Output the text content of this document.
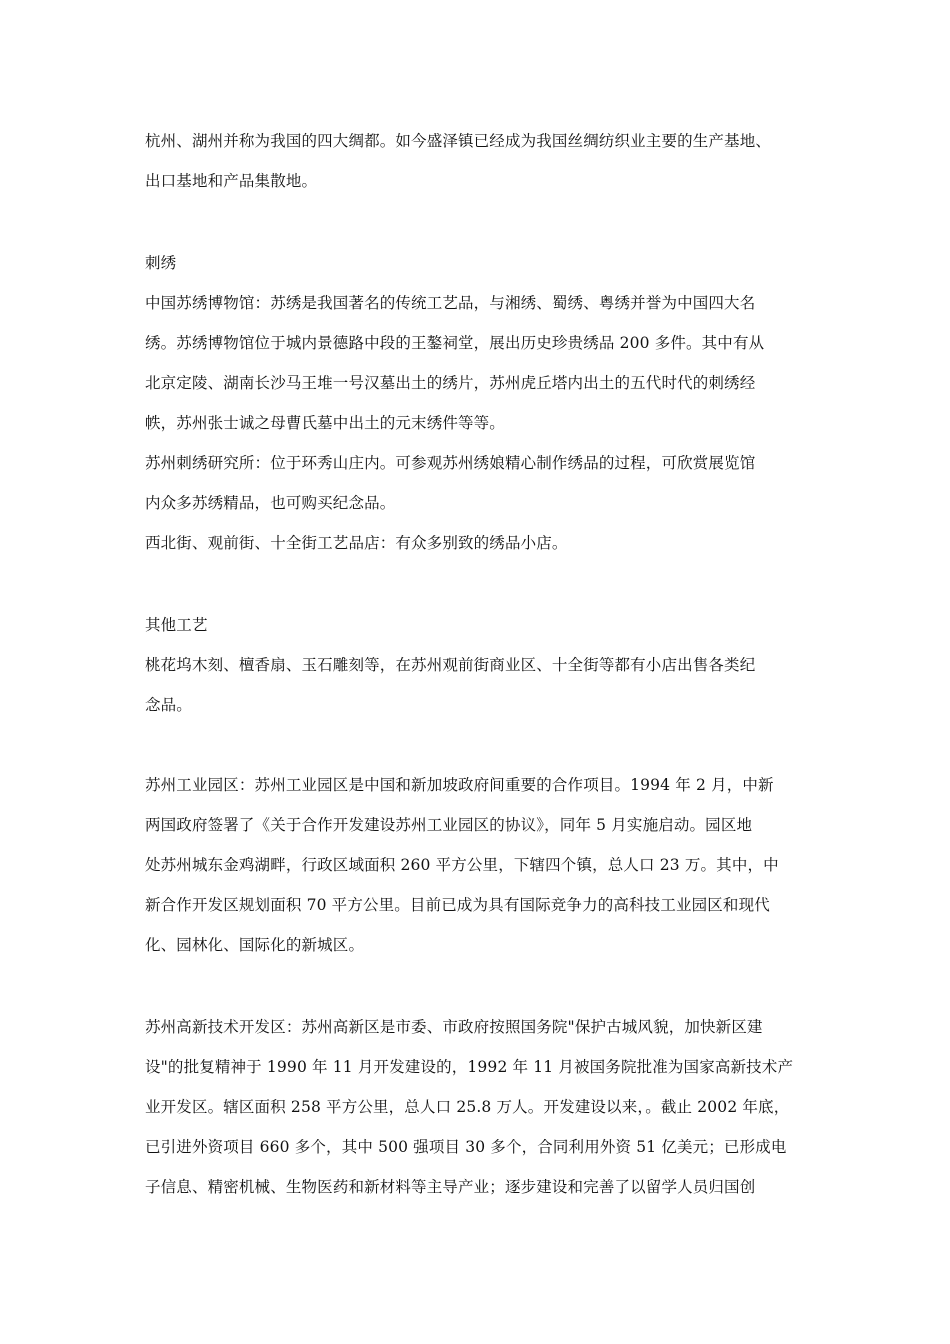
杭州、湖州并称为我国的四大绸都。如今盛泽镇已经成为我国丝绸纺织业主要的生产基地、

出口基地和产品集散地。

刺绣

中国苏绣博物馆：苏绣是我国著名的传统工艺品，与湘绣、蜀绣、粤绣并誉为中国四大名

绣。苏绣博物馆位于城内景德路中段的王鏊祠堂，展出历史珍贵绣品 200 多件。其中有从

北京定陵、湖南长沙马王堆一号汉墓出土的绣片，苏州虎丘塔内出土的五代时代的刺绣经

帙，苏州张士诚之母曹氏墓中出土的元末绣件等等。

苏州刺绣研究所：位于环秀山庄内。可参观苏州绣娘精心制作绣品的过程，可欣赏展览馆

内众多苏绣精品，也可购买纪念品。

西北街、观前街、十全街工艺品店：有众多别致的绣品小店。

其他工艺

桃花坞木刻、檀香扇、玉石雕刻等，在苏州观前街商业区、十全街等都有小店出售各类纪

念品。

苏州工业园区：苏州工业园区是中国和新加坡政府间重要的合作项目。1994 年 2 月，中新

两国政府签署了《关于合作开发建设苏州工业园区的协议》，同年 5 月实施启动。园区地

处苏州城东金鸡湖畔，行政区域面积 260 平方公里，下辖四个镇，总人口 23 万。其中，中

新合作开发区规划面积 70 平方公里。目前已成为具有国际竞争力的高科技工业园区和现代

化、园林化、国际化的新城区。

苏州高新技术开发区：苏州高新区是市委、市政府按照国务院"保护古城风貌，加快新区建

设"的批复精神于 1990 年 11 月开发建设的，1992 年 11 月被国务院批准为国家高新技术产

业开发区。辖区面积 258 平方公里，总人口 25.8 万人。开发建设以来，。截止 2002 年底，

已引进外资项目 660 多个，其中 500 强项目 30 多个，合同利用外资 51 亿美元；已形成电

子信息、精密机械、生物医药和新材料等主导产业；逐步建设和完善了以留学人员归国创
